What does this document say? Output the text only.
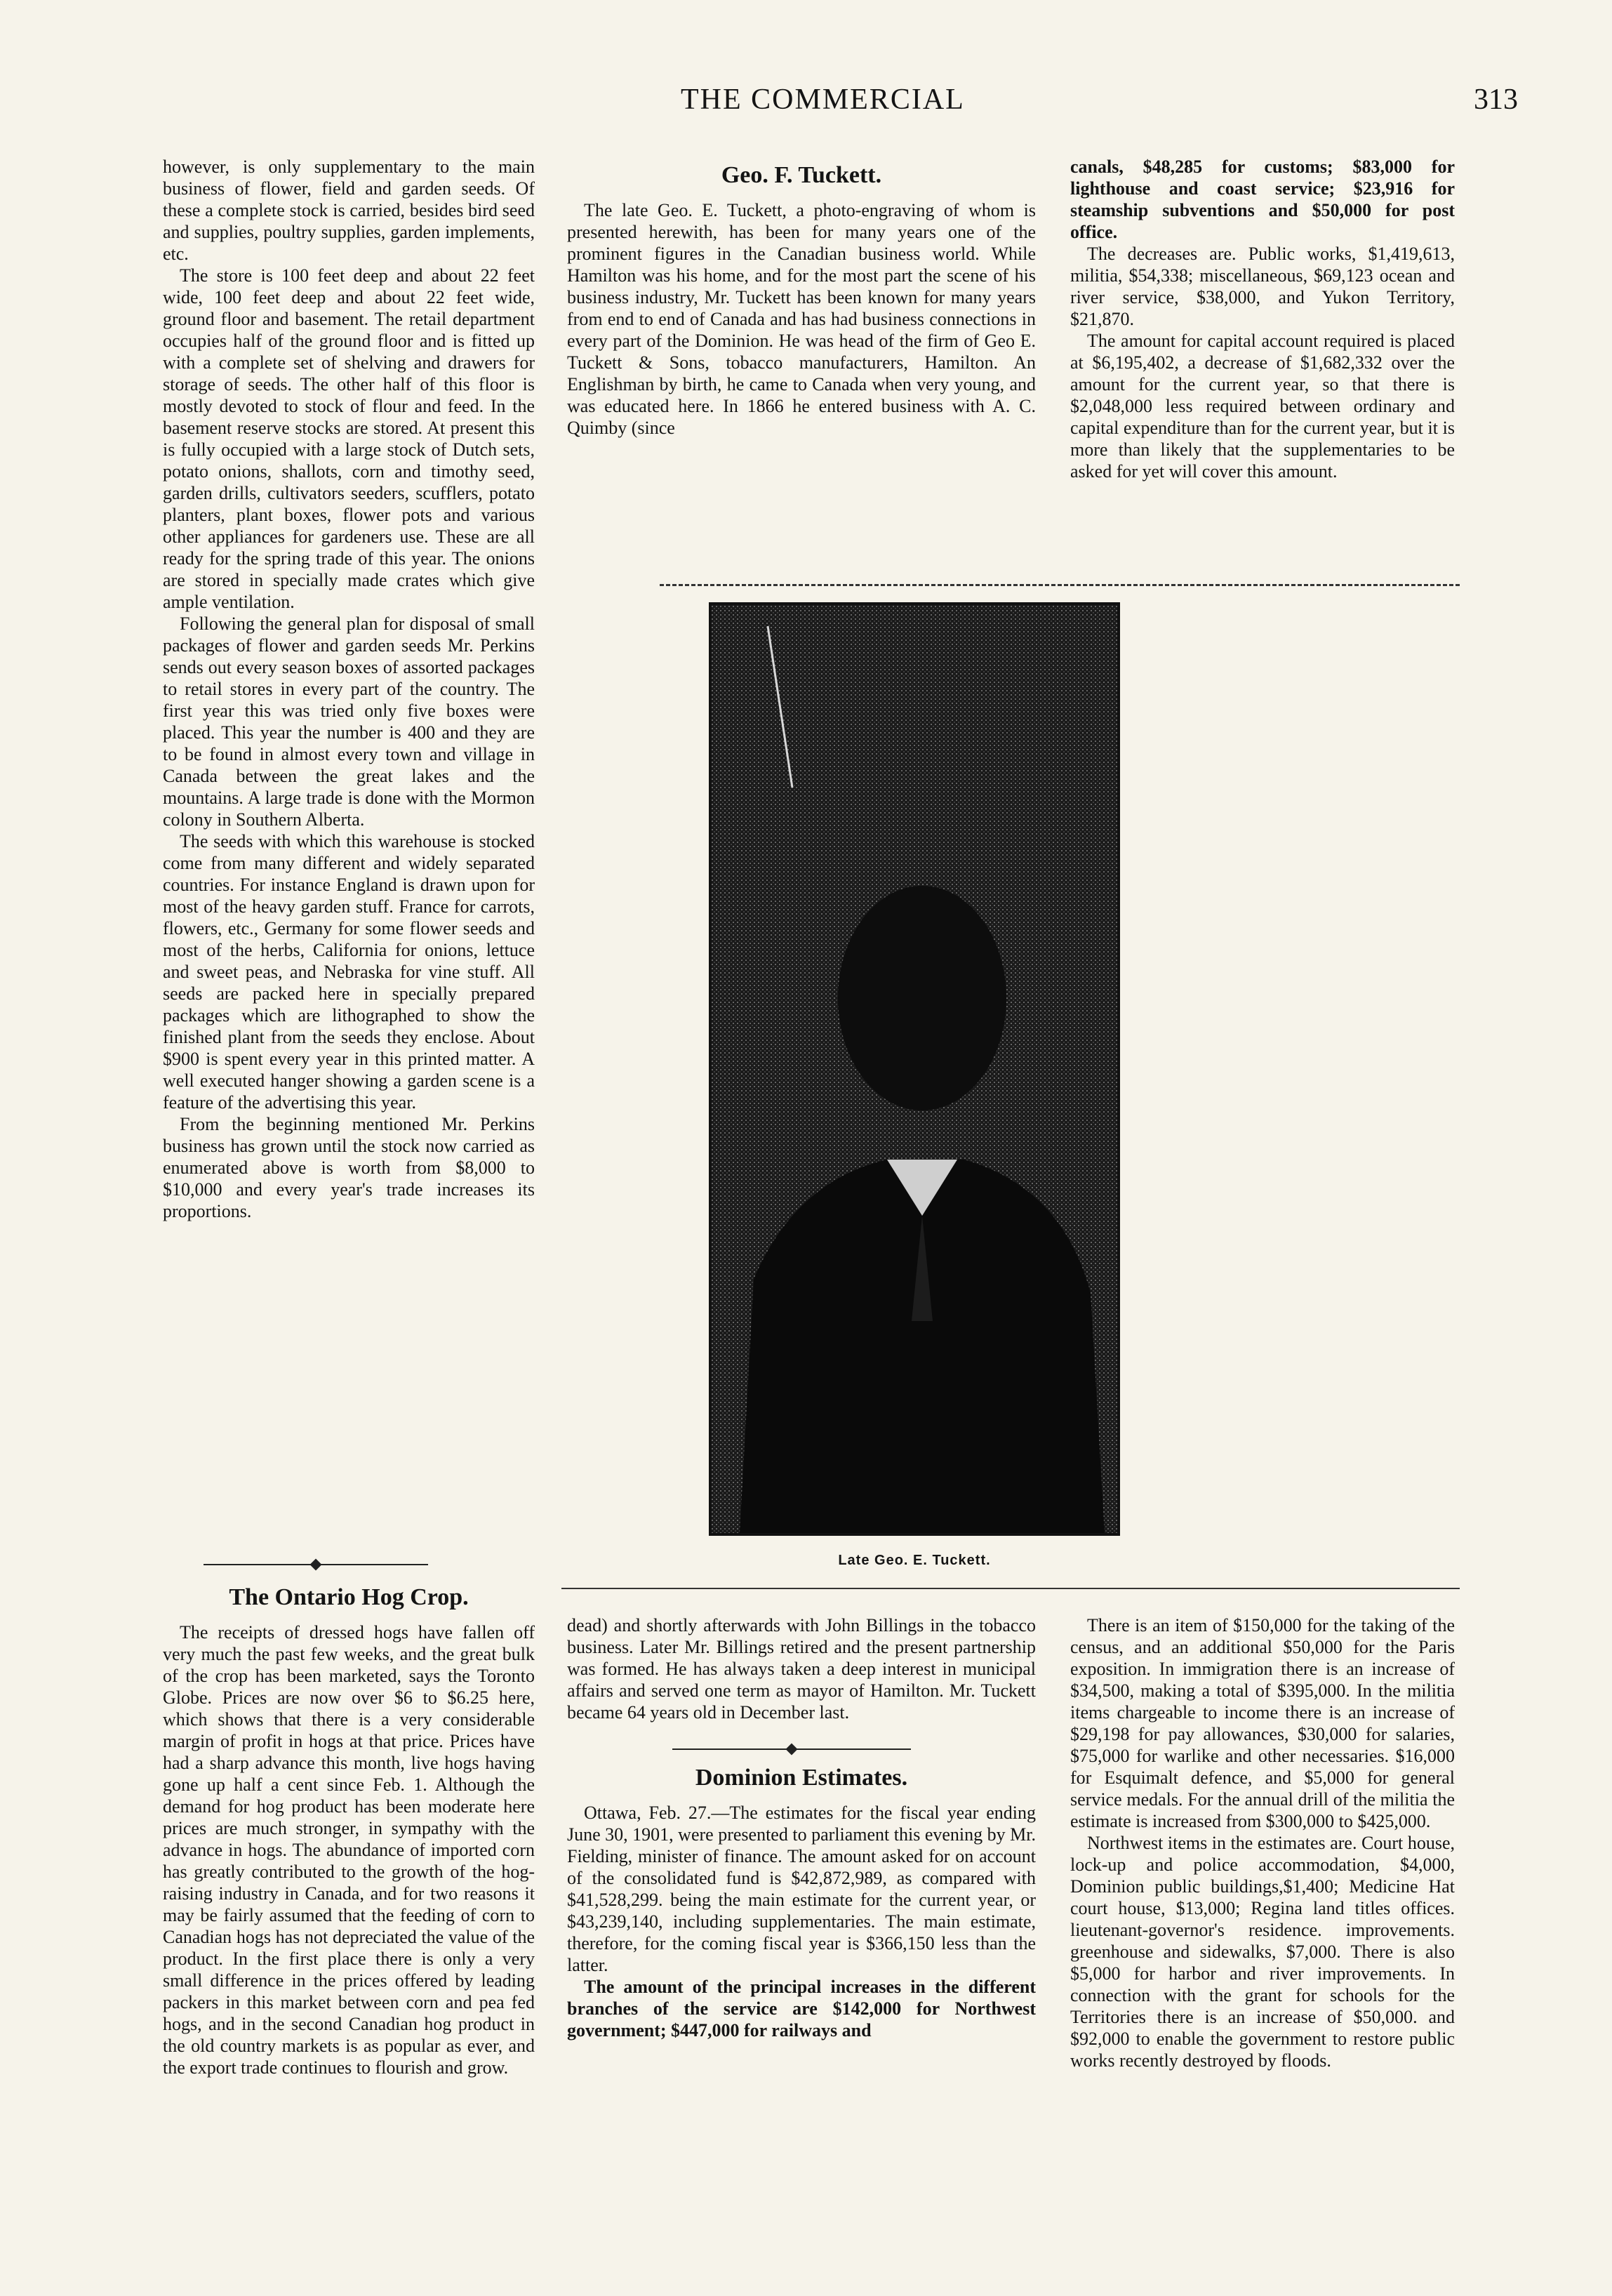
THE COMMERCIAL	313

however, is only supplementary to the main business of flower, field and garden seeds. Of these a complete stock is carried, besides bird seed and supplies, poultry supplies, garden implements, etc.

The store is 100 feet deep and about 22 feet wide, 100 feet deep and about 22 feet wide, ground floor and basement. The retail department occupies half of the ground floor and is fitted up with a complete set of shelving and drawers for storage of seeds. The other half of this floor is mostly devoted to stock of flour and feed. In the basement reserve stocks are stored. At present this is fully occupied with a large stock of Dutch sets, potato onions, shallots, corn and timothy seed, garden drills, cultivators seeders, scufflers, potato planters, plant boxes, flower pots and various other appliances for gardeners use. These are all ready for the spring trade of this year. The onions are stored in specially made crates which give ample ventilation.

Following the general plan for disposal of small packages of flower and garden seeds Mr. Perkins sends out every season boxes of assorted packages to retail stores in every part of the country. The first year this was tried only five boxes were placed. This year the number is 400 and they are to be found in almost every town and village in Canada between the great lakes and the mountains. A large trade is done with the Mormon colony in Southern Alberta.

The seeds with which this warehouse is stocked come from many different and widely separated countries. For instance England is drawn upon for most of the heavy garden stuff. France for carrots, flowers, etc., Germany for some flower seeds and most of the herbs, California for onions, lettuce and sweet peas, and Nebraska for vine stuff. All seeds are packed here in specially prepared packages which are lithographed to show the finished plant from the seeds they enclose. About $900 is spent every year in this printed matter. A well executed hanger showing a garden scene is a feature of the advertising this year.

From the beginning mentioned Mr. Perkins business has grown until the stock now carried as enumerated above is worth from $8,000 to $10,000 and every year's trade increases its proportions.

The Ontario Hog Crop.

The receipts of dressed hogs have fallen off very much the past few weeks, and the great bulk of the crop has been marketed, says the Toronto Globe. Prices are now over $6 to $6.25 here, which shows that there is a very considerable margin of profit in hogs at that price. Prices have had a sharp advance this month, live hogs having gone up half a cent since Feb. 1. Although the demand for hog product has been moderate here prices are much stronger, in sympathy with the advance in hogs. The abundance of imported corn has greatly contributed to the growth of the hog-raising industry in Canada, and for two reasons it may be fairly assumed that the feeding of corn to Canadian hogs has not depreciated the value of the product. In the first place there is only a very small difference in the prices offered by leading packers in this market between corn and pea fed hogs, and in the second Canadian hog product in the old country markets is as popular as ever, and the export trade continues to flourish and grow.

Geo. F. Tuckett.

The late Geo. E. Tuckett, a photo-engraving of whom is presented herewith, has been for many years one of the prominent figures in the Canadian business world. While Hamilton was his home, and for the most part the scene of his business industry, Mr. Tuckett has been known for many years from end to end of Canada and has had business connections in every part of the Dominion. He was head of the firm of Geo E. Tuckett & Sons, tobacco manufacturers, Hamilton. An Englishman by birth, he came to Canada when very young, and was educated here. In 1866 he entered business with A. C. Quimby (since

canals, $48,285 for customs; $83,000 for lighthouse and coast service; $23,916 for steamship subventions and $50,000 for post office.

The decreases are. Public works, $1,419,613, militia, $54,338; miscellaneous, $69,123 ocean and river service, $38,000, and Yukon Territory, $21,870.

The amount for capital account required is placed at $6,195,402, a decrease of $1,682,332 over the amount for the current year, so that there is $2,048,000 less required between ordinary and capital expenditure than for the current year, but it is more than likely that the supplementaries to be asked for yet will cover this amount.

Late Geo. E. Tuckett.

dead) and shortly afterwards with John Billings in the tobacco business. Later Mr. Billings retired and the present partnership was formed. He has always taken a deep interest in municipal affairs and served one term as mayor of Hamilton. Mr. Tuckett became 64 years old in December last.

Dominion Estimates.

Ottawa, Feb. 27.—The estimates for the fiscal year ending June 30, 1901, were presented to parliament this evening by Mr. Fielding, minister of finance. The amount asked for on account of the consolidated fund is $42,872,989, as compared with $41,528,299. being the main estimate for the current year, or $43,239,140, including supplementaries. The main estimate, therefore, for the coming fiscal year is $366,150 less than the latter.

The amount of the principal increases in the different branches of the service are $142,000 for Northwest government; $447,000 for railways and

There is an item of $150,000 for the taking of the census, and an additional $50,000 for the Paris exposition. In immigration there is an increase of $34,500, making a total of $395,000. In the militia items chargeable to income there is an increase of $29,198 for pay allowances, $30,000 for salaries, $75,000 for warlike and other necessaries. $16,000 for Esquimalt defence, and $5,000 for general service medals. For the annual drill of the militia the estimate is increased from $300,000 to $425,000.

Northwest items in the estimates are. Court house, lock-up and police accommodation, $4,000, Dominion public buildings,$1,400; Medicine Hat court house, $13,000; Regina land titles offices. lieutenant-governor's residence. improvements. greenhouse and sidewalks, $7,000. There is also $5,000 for harbor and river improvements. In connection with the grant for schools for the Territories there is an increase of $50,000. and $92,000 to enable the government to restore public works recently destroyed by floods.
